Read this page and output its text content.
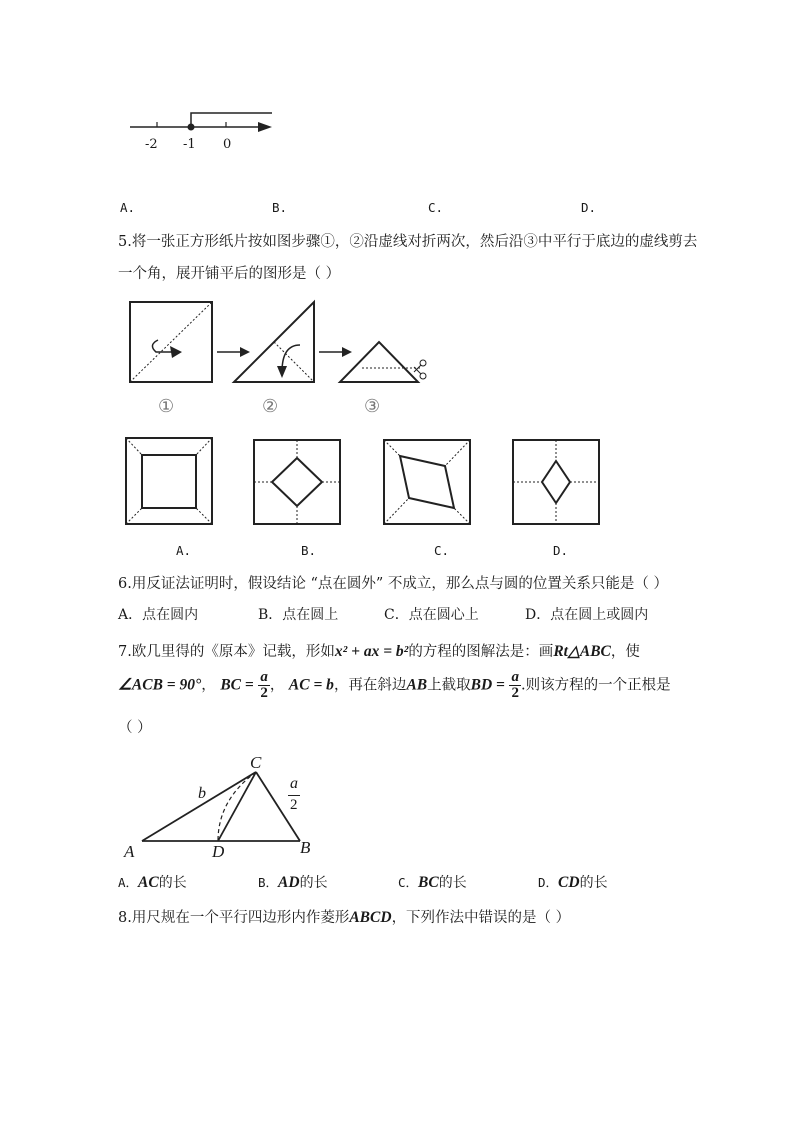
-2 -1 0
A.	B.	C.	D.
5.将一张正方形纸片按如图步骤①，②沿虚线对折两次，然后沿③中平行于底边的虚线剪去
一个角，展开铺平后的图形是（ ）
①	②	③
A.	B.	C.	D.
6.用反证法证明时，假设结论 “点在圆外” 不成立，那么点与圆的位置关系只能是（ ）
A．点在圆内	B．点在圆上	C．点在圆心上	D．点在圆上或圆内
7.欧几里得的《原本》记载，形如x² + ax = b²的方程的图解法是：画Rt△ABC，使
∠ACB = 90°， BC = $\frac{a}{2}$ ， AC = b，再在斜边AB上截取BD = $\frac{a}{2}$ .则该方程的一个正根是
（ ）
C
b
a
2
A	D	B
A．AC的长	B．AD的长	C．BC的长	D．CD的长
8.用尺规在一个平行四边形内作菱形ABCD，下列作法中错误的是（ ）
